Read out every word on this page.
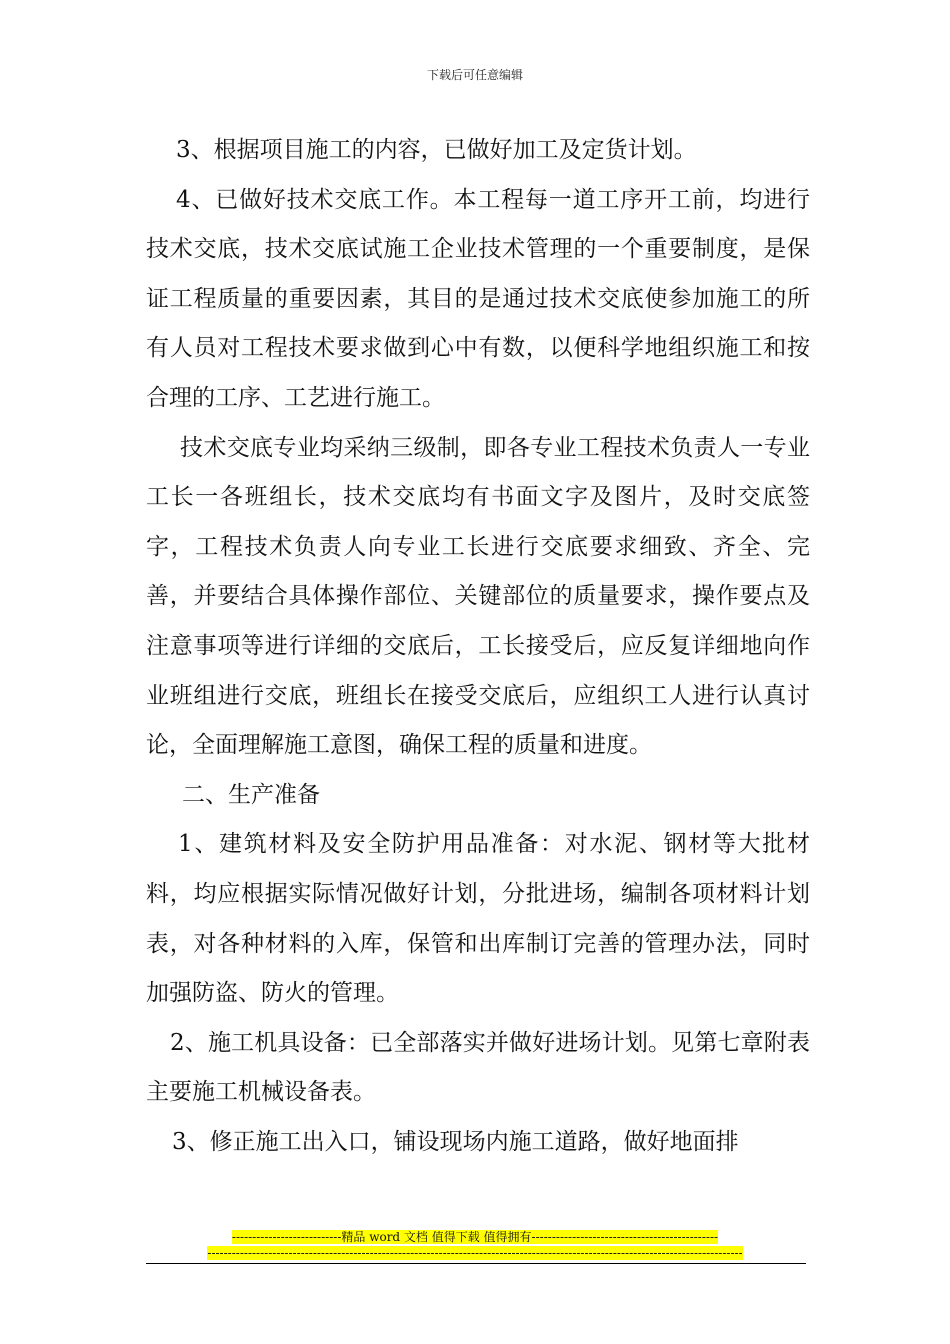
下载后可任意编辑

3、根据项目施工的内容，已做好加工及定货计划。

4、已做好技术交底工作。本工程每一道工序开工前，均进行技术交底，技术交底试施工企业技术管理的一个重要制度，是保证工程质量的重要因素，其目的是通过技术交底使参加施工的所有人员对工程技术要求做到心中有数，以便科学地组织施工和按合理的工序、工艺进行施工。

技术交底专业均采纳三级制，即各专业工程技术负责人一专业工长一各班组长，技术交底均有书面文字及图片，及时交底签字，工程技术负责人向专业工长进行交底要求细致、齐全、完善，并要结合具体操作部位、关键部位的质量要求，操作要点及注意事项等进行详细的交底后，工长接受后，应反复详细地向作业班组进行交底，班组长在接受交底后，应组织工人进行认真讨论，全面理解施工意图，确保工程的质量和进度。

二、生产准备

1、建筑材料及安全防护用品准备：对水泥、钢材等大批材料，均应根据实际情况做好计划，分批进场，编制各项材料计划表，对各种材料的入库，保管和出库制订完善的管理办法，同时加强防盗、防火的管理。

2、施工机具设备：已全部落实并做好进场计划。见第七章附表主要施工机械设备表。

3、修正施工出入口，铺设现场内施工道路，做好地面排

---------------------------精品 word 文档 值得下载 值得拥有----------------------------------------------
------------------------------------------------------------------------------------------------------------------------------------
